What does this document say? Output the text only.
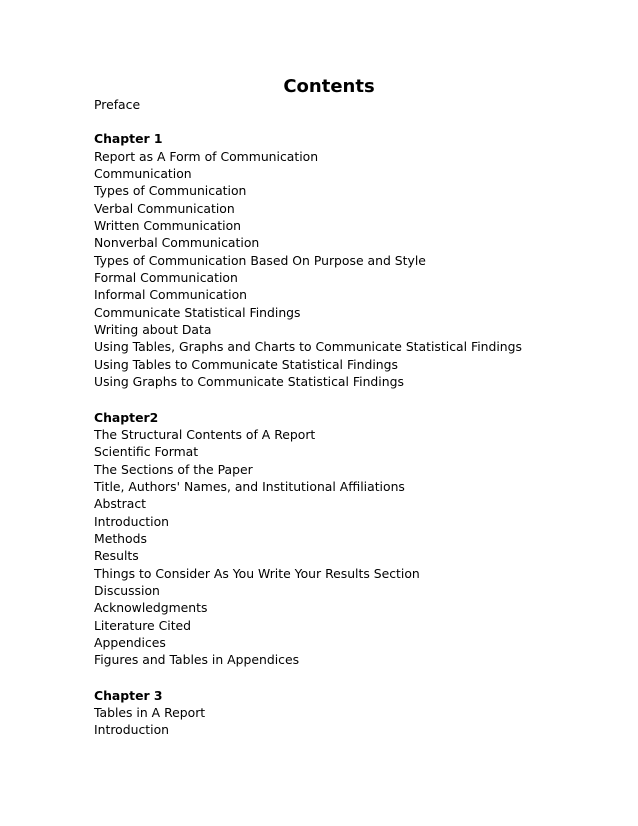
Contents
Preface
Chapter 1
Report as A Form of Communication
Communication
Types of Communication
Verbal Communication
Written Communication
Nonverbal Communication
Types of Communication Based On Purpose and Style
Formal Communication
Informal Communication
Communicate Statistical Findings
Writing about Data
Using Tables, Graphs and Charts to Communicate Statistical Findings
Using Tables to Communicate Statistical Findings
Using Graphs to Communicate Statistical Findings
Chapter2
The Structural Contents of A Report
Scientific Format
The Sections of the Paper
Title, Authors' Names, and Institutional Affiliations
Abstract
Introduction
Methods
Results
Things to Consider As You Write Your Results Section
Discussion
Acknowledgments
Literature Cited
Appendices
Figures and Tables in Appendices
Chapter 3
Tables in A Report
Introduction
